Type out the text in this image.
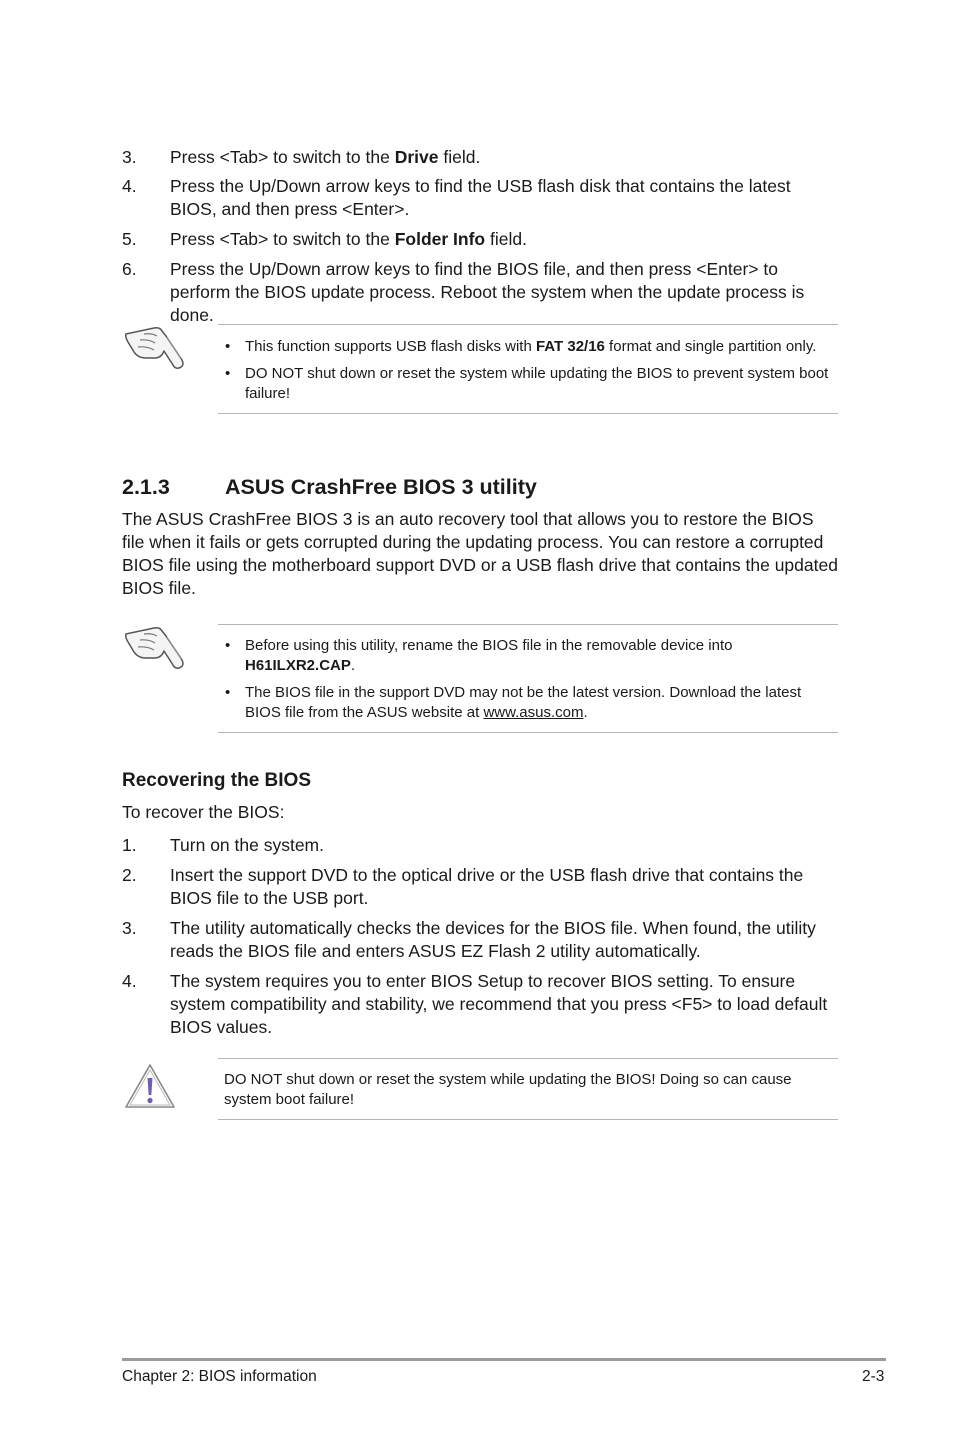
3. Press <Tab> to switch to the Drive field.
4. Press the Up/Down arrow keys to find the USB flash disk that contains the latest BIOS, and then press <Enter>.
5. Press <Tab> to switch to the Folder Info field.
6. Press the Up/Down arrow keys to find the BIOS file, and then press <Enter> to perform the BIOS update process. Reboot the system when the update process is done.
• This function supports USB flash disks with FAT 32/16 format and single partition only.
• DO NOT shut down or reset the system while updating the BIOS to prevent system boot failure!
2.1.3	ASUS CrashFree BIOS 3 utility
The ASUS CrashFree BIOS 3 is an auto recovery tool that allows you to restore the BIOS file when it fails or gets corrupted during the updating process. You can restore a corrupted BIOS file using the motherboard support DVD or a USB flash drive that contains the updated BIOS file.
• Before using this utility, rename the BIOS file in the removable device into H61ILXR2.CAP.
• The BIOS file in the support DVD may not be the latest version. Download the latest BIOS file from the ASUS website at www.asus.com.
Recovering the BIOS
To recover the BIOS:
1. Turn on the system.
2. Insert the support DVD to the optical drive or the USB flash drive that contains the BIOS file to the USB port.
3. The utility automatically checks the devices for the BIOS file. When found, the utility reads the BIOS file and enters ASUS EZ Flash 2 utility automatically.
4. The system requires you to enter BIOS Setup to recover BIOS setting. To ensure system compatibility and stability, we recommend that you press <F5> to load default BIOS values.
DO NOT shut down or reset the system while updating the BIOS! Doing so can cause system boot failure!
Chapter 2: BIOS information	2-3
